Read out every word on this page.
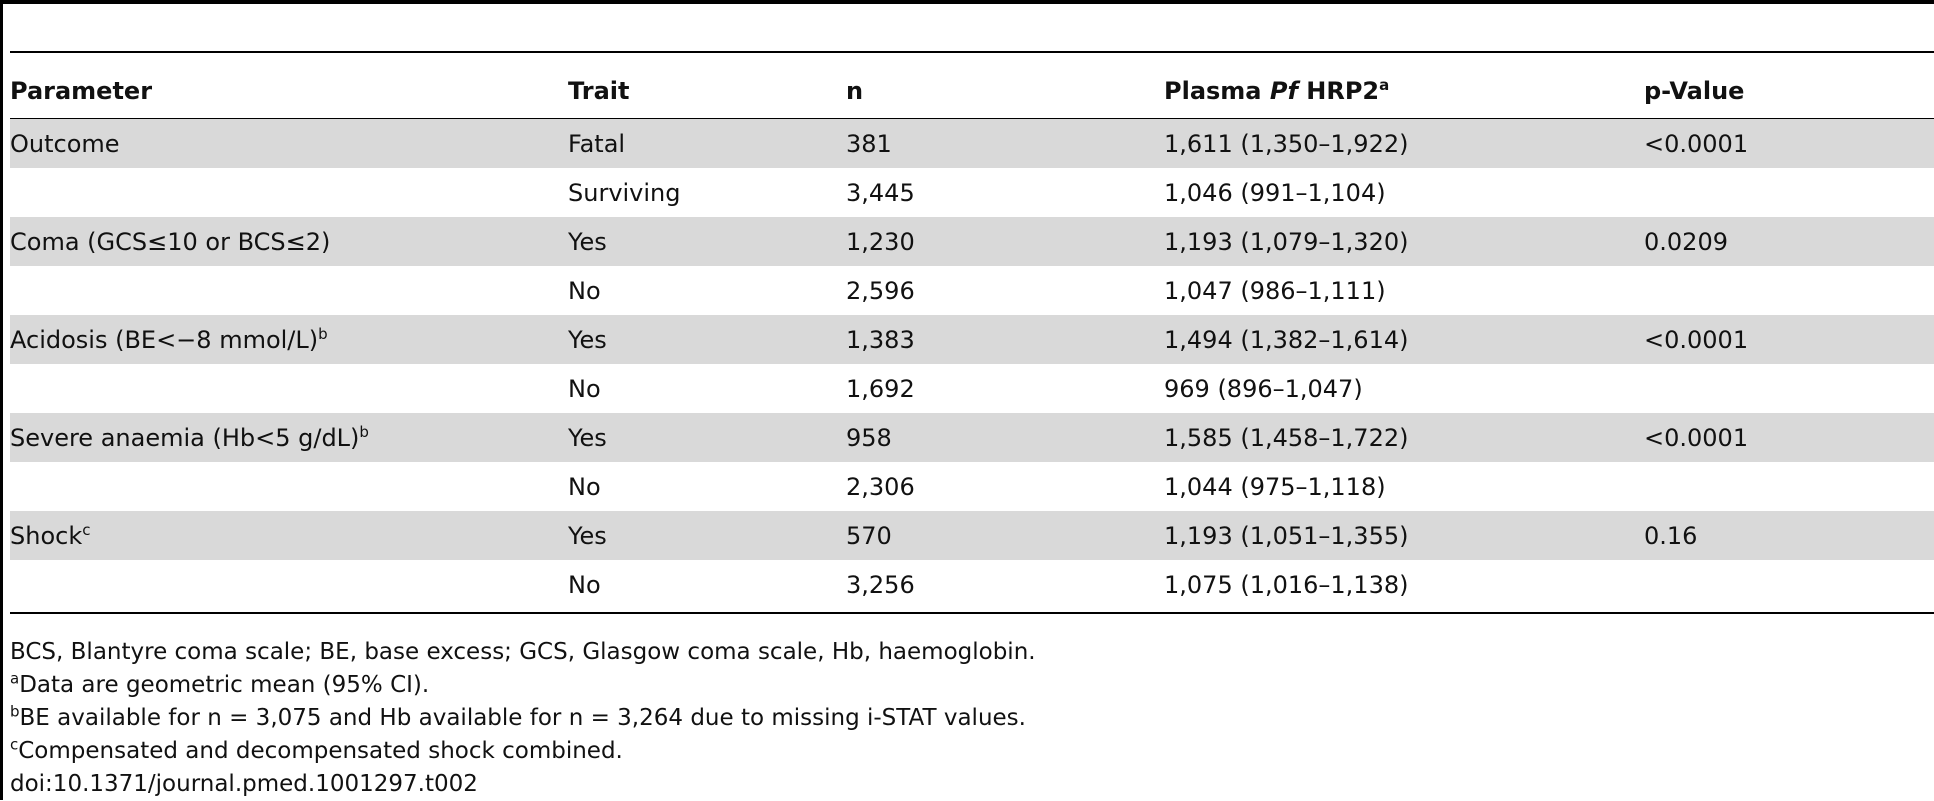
Parameter	Trait	n	Plasma Pf HRP2$^a$	p-Value
Outcome	Fatal	381	1,611 (1,350–1,922)	<0.0001
	Surviving	3,445	1,046 (991–1,104)	
Coma (GCS≤10 or BCS≤2)	Yes	1,230	1,193 (1,079–1,320)	0.0209
	No	2,596	1,047 (986–1,111)	
Acidosis (BE<−8 mmol/L)$^b$	Yes	1,383	1,494 (1,382–1,614)	<0.0001
	No	1,692	969 (896–1,047)	
Severe anaemia (Hb<5 g/dL)$^b$	Yes	958	1,585 (1,458–1,722)	<0.0001
	No	2,306	1,044 (975–1,118)	
Shock$^c$	Yes	570	1,193 (1,051–1,355)	0.16
	No	3,256	1,075 (1,016–1,138)	
BCS, Blantyre coma scale; BE, base excess; GCS, Glasgow coma scale, Hb, haemoglobin.
$^a$Data are geometric mean (95% CI).
$^b$BE available for n = 3,075 and Hb available for n = 3,264 due to missing i-STAT values.
$^c$Compensated and decompensated shock combined.
doi:10.1371/journal.pmed.1001297.t002
